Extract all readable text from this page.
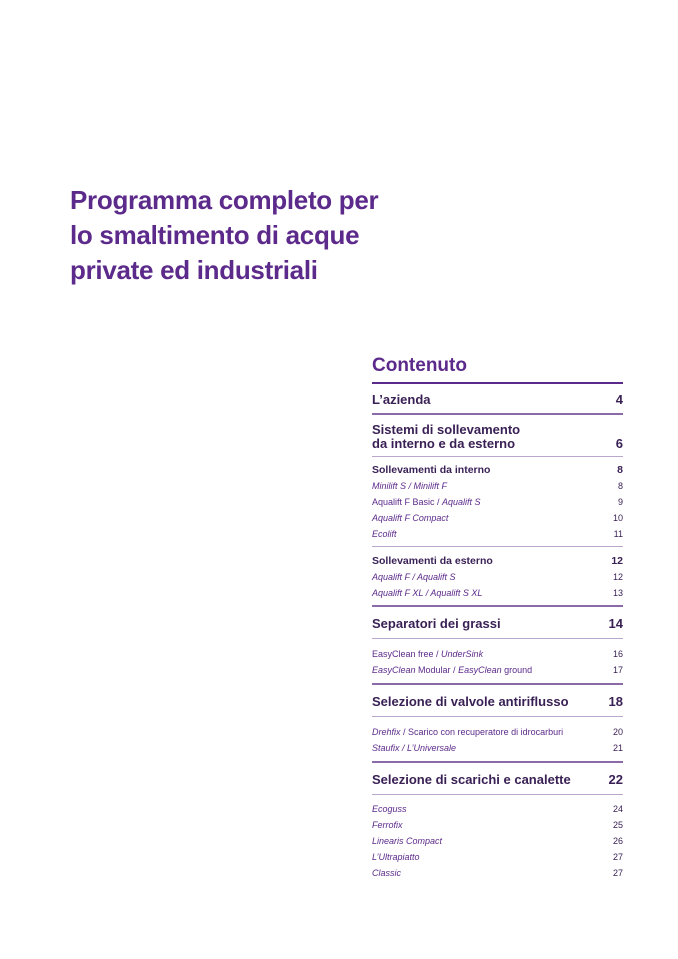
Programma completo per
lo smaltimento di acque
private ed industriali
Contenuto
L’azienda	4
Sistemi di sollevamento
da interno e da esterno	6
Sollevamenti da interno	8
Minilift S / Minilift F	8
Aqualift F Basic / Aqualift S	9
Aqualift F Compact	10
Ecolift	11
Sollevamenti da esterno	12
Aqualift F / Aqualift S	12
Aqualift F XL / Aqualift S XL	13
Separatori dei grassi	14
EasyClean free / UnderSink	16
EasyClean Modular / EasyClean ground	17
Selezione di valvole antiriflusso	18
Drehfix / Scarico con recuperatore di idrocarburi	20
Staufix / L’Universale	21
Selezione di scarichi e canalette	22
Ecoguss	24
Ferrofix	25
Linearis Compact	26
L’Ultrapiatto	27
Classic	27
